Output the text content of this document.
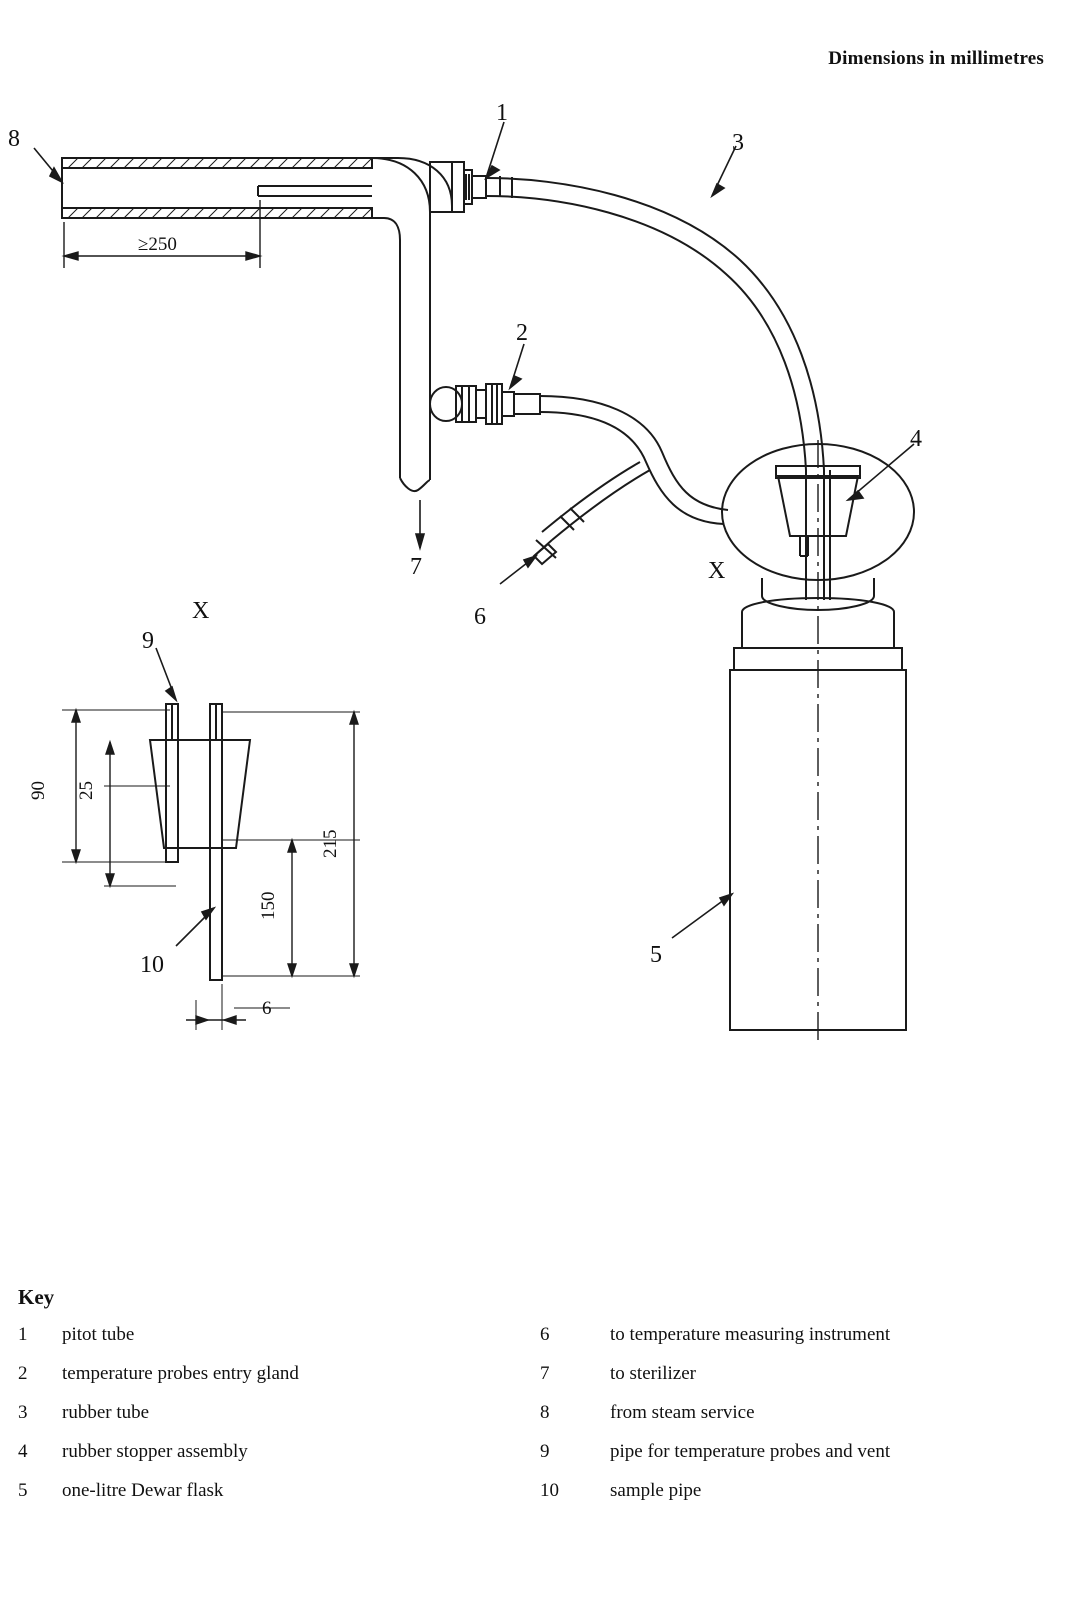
Dimensions in millimetres
8
1
3
2
4
5
6
7
9
10
≥250
90 25
150
215
6
X
X
Key
1	pitot tube
2	temperature probes entry gland
3	rubber tube
4	rubber stopper assembly
5	one-litre Dewar flask
6	to temperature measuring instrument
7	to sterilizer
8	from steam service
9	pipe for temperature probes and vent
10	sample pipe
